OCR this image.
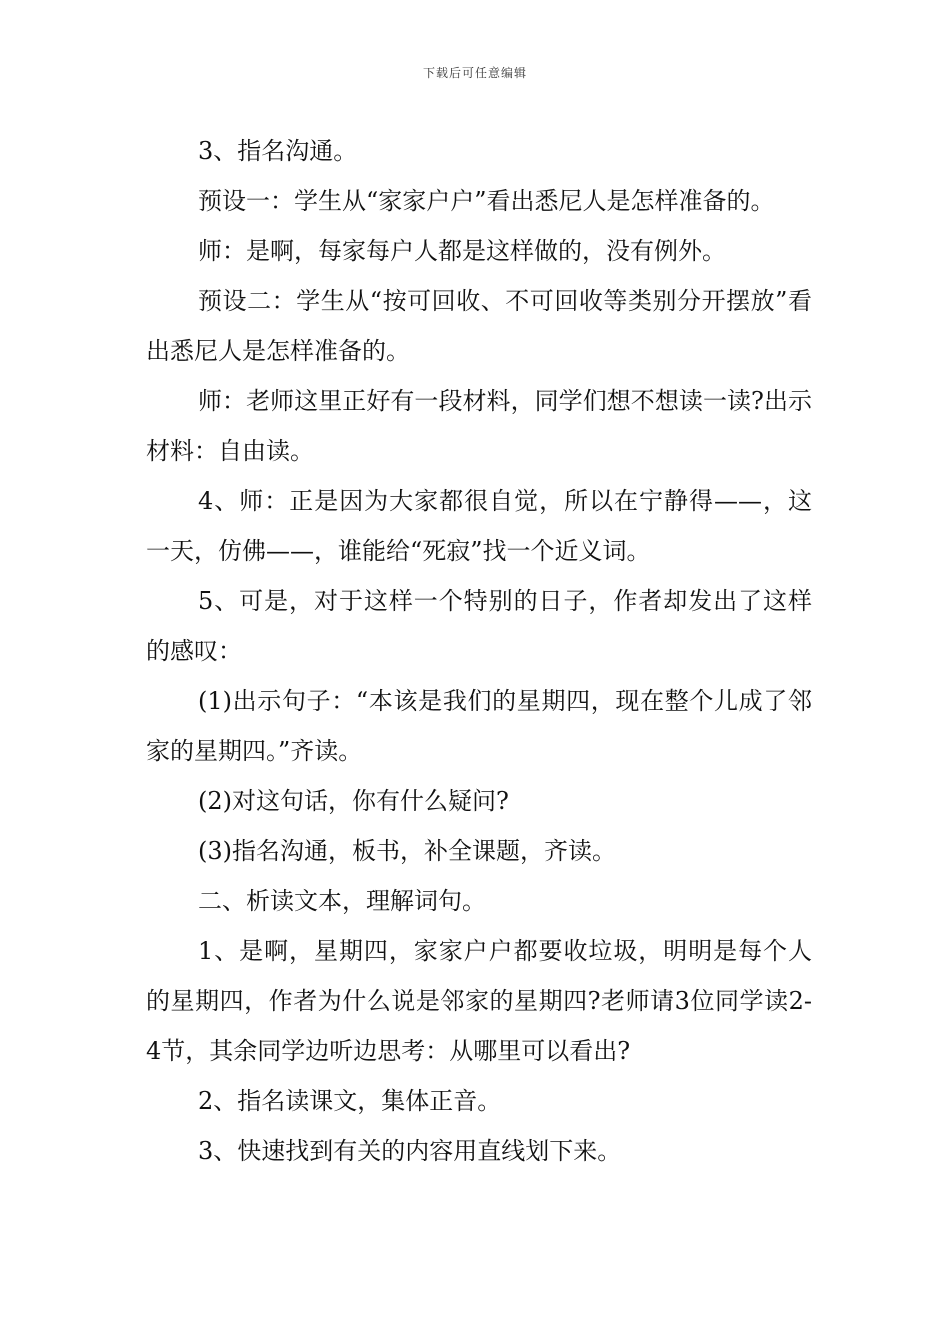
下载后可任意编辑

3、指名沟通。

预设一：学生从“家家户户”看出悉尼人是怎样准备的。

师：是啊，每家每户人都是这样做的，没有例外。

预设二：学生从“按可回收、不可回收等类别分开摆放”看出悉尼人是怎样准备的。

师：老师这里正好有一段材料，同学们想不想读一读?出示材料：自由读。

4、师：正是因为大家都很自觉，所以在宁静得——，这一天，仿佛——，谁能给“死寂”找一个近义词。

5、可是，对于这样一个特别的日子，作者却发出了这样的感叹：

(1)出示句子：“本该是我们的星期四，现在整个儿成了邻家的星期四。”齐读。

(2)对这句话，你有什么疑问?

(3)指名沟通，板书，补全课题，齐读。

二、析读文本，理解词句。

1、是啊，星期四，家家户户都要收垃圾，明明是每个人的星期四，作者为什么说是邻家的星期四?老师请3位同学读2-4节，其余同学边听边思考：从哪里可以看出?

2、指名读课文，集体正音。

3、快速找到有关的内容用直线划下来。
